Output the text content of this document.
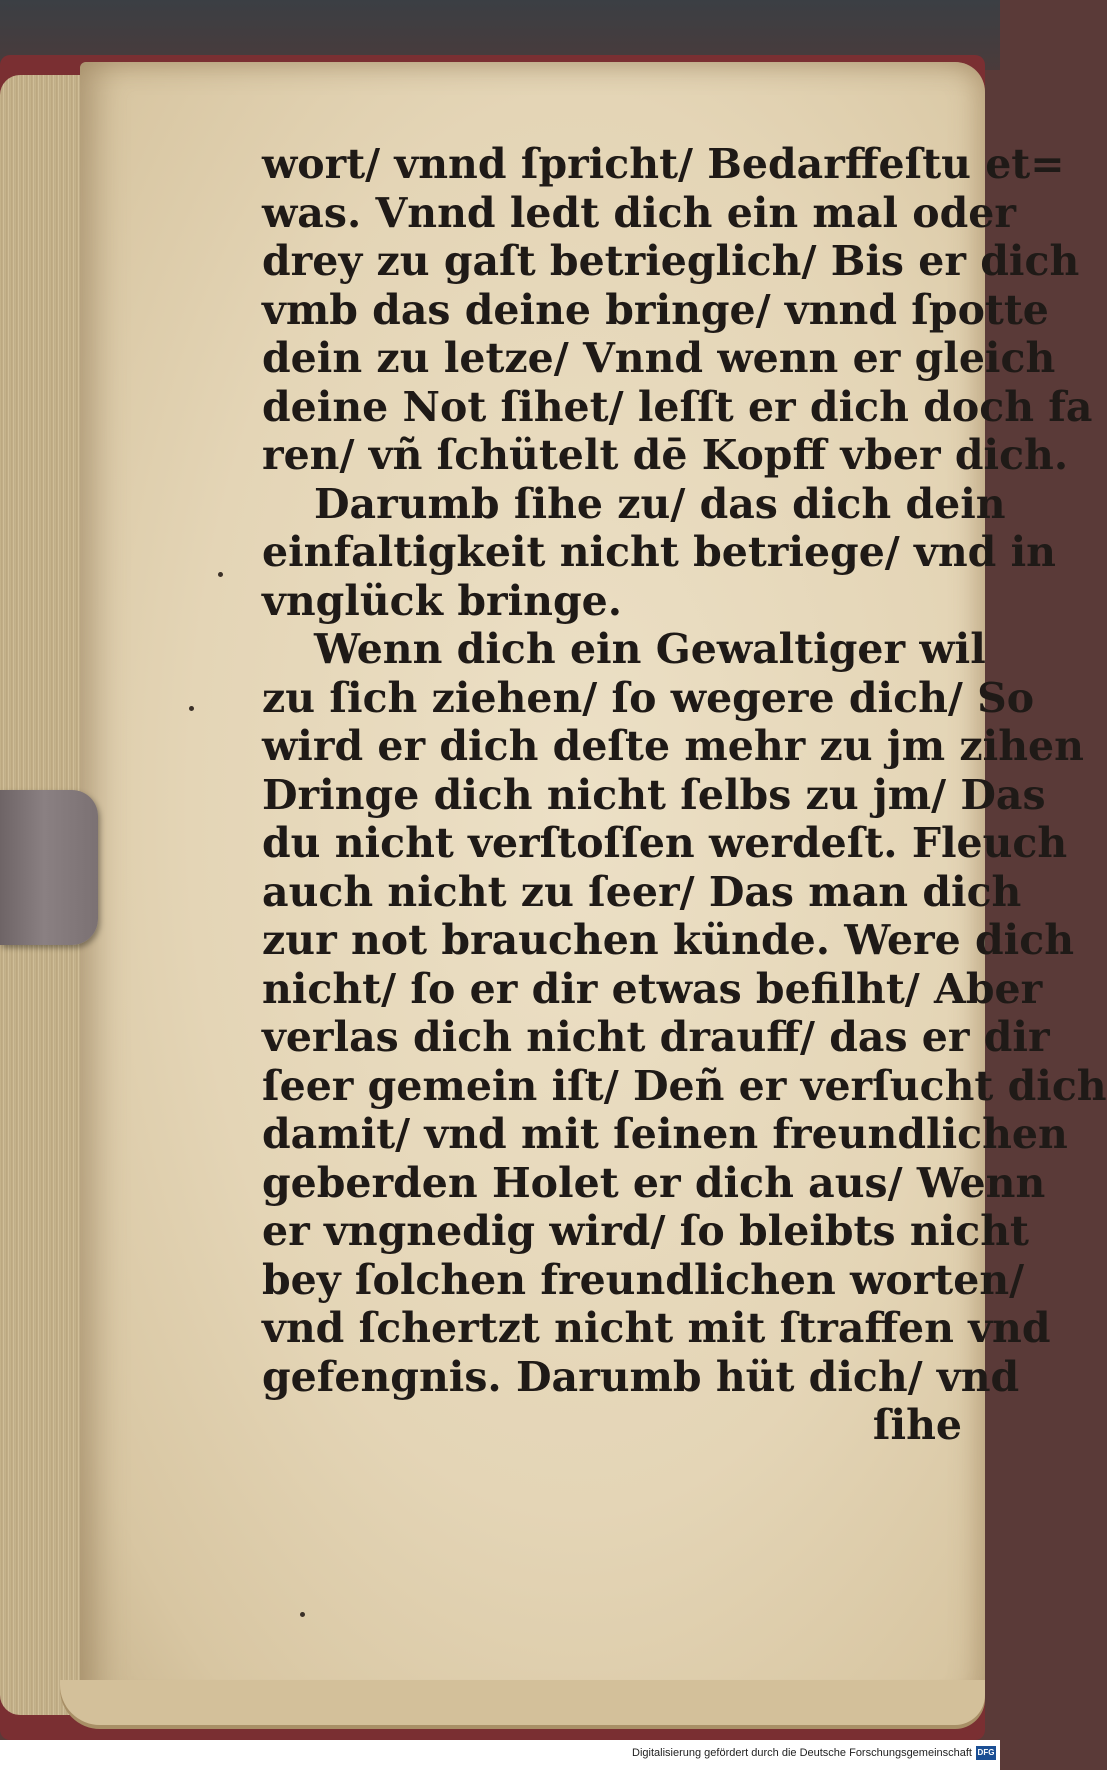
wort/ vnnd ſpricht/ Bedarffeſtu et=
was. Vnnd ledt dich ein mal oder
drey zu gaſt betrieglich/ Bis er dich
vmb das deine bringe/ vnnd ſpotte
dein zu letze/ Vnnd wenn er gleich
deine Not ſihet/ leſſt er dich doch fa
ren/ vñ ſchütelt dē Kopff vber dich.
Darumb ſihe zu/ das dich dein
einfaltigkeit nicht betriege/ vnd in
vnglück bringe.
Wenn dich ein Gewaltiger wil
zu ſich ziehen/ ſo wegere dich/ So
wird er dich deſte mehr zu jm zihen
Dringe dich nicht ſelbs zu jm/ Das
du nicht verſtoſſen werdeſt. Fleuch
auch nicht zu ſeer/ Das man dich
zur not brauchen künde. Were dich
nicht/ ſo er dir etwas befilht/ Aber
verlas dich nicht drauff/ das er dir
ſeer gemein iſt/ Deñ er verſucht dich
damit/ vnd mit ſeinen freundlichen
geberden Holet er dich aus/ Wenn
er vngnedig wird/ ſo bleibts nicht
bey ſolchen freundlichen worten/
vnd ſchertzt nicht mit ſtraffen vnd
gefengnis. Darumb hüt dich/ vnd
ſihe
Digitalisierung gefördert durch die Deutsche Forschungsgemeinschaft DFG
